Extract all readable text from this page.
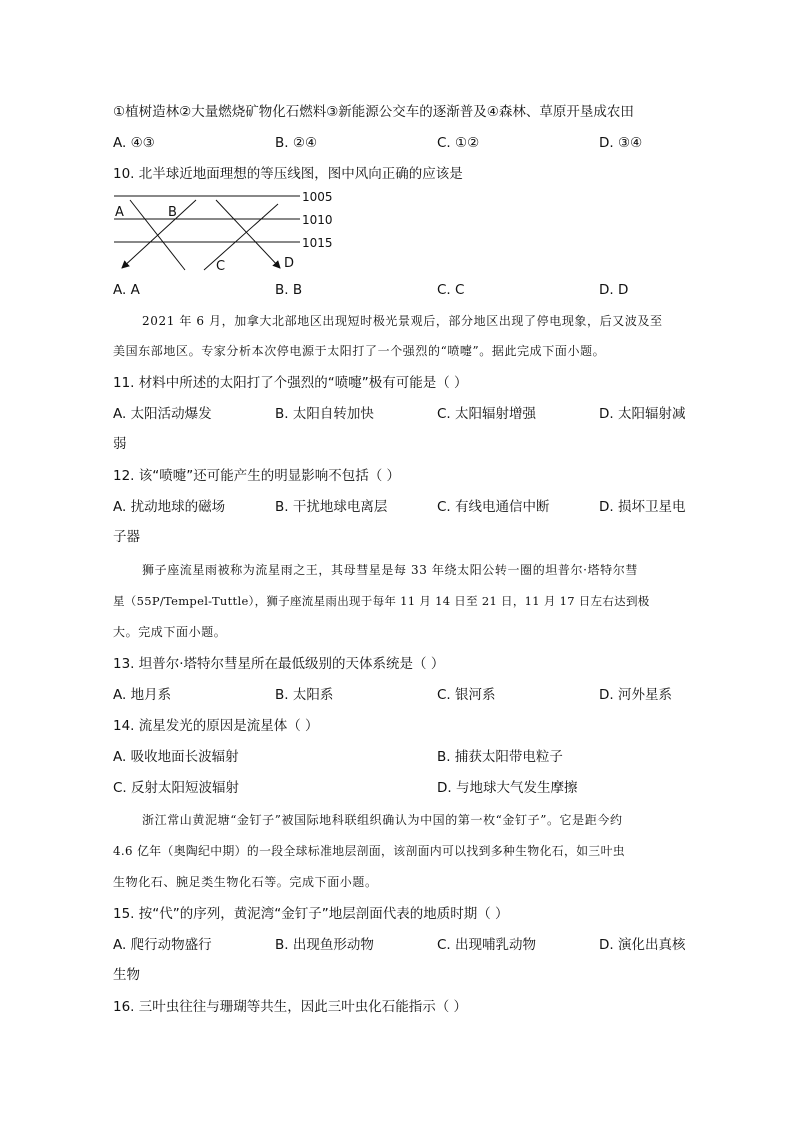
①植树造林②大量燃烧矿物化石燃料③新能源公交车的逐渐普及④森林、草原开垦成农田
A. ④③	B. ②④	C. ①②	D. ③④
10. 北半球近地面理想的等压线图，图中风向正确的应该是
1005
1010
1015
A	B
C	D
A. A	B. B	C. C	D. D
2021 年 6 月，加拿大北部地区出现短时极光景观后，部分地区出现了停电现象，后又波及至
美国东部地区。专家分析本次停电源于太阳打了一个强烈的“喷嚏”。据此完成下面小题。
11. 材料中所述的太阳打了个强烈的“喷嚏”极有可能是（ ）
A. 太阳活动爆发	B. 太阳自转加快	C. 太阳辐射增强	D. 太阳辐射减
弱
12. 该“喷嚏”还可能产生的明显影响不包括（ ）
A. 扰动地球的磁场	B. 干扰地球电离层	C. 有线电通信中断	D. 损坏卫星电
子器
狮子座流星雨被称为流星雨之王，其母彗星是每 33 年绕太阳公转一圈的坦普尔·塔特尔彗
星（55P/Tempel-Tuttle），狮子座流星雨出现于每年 11 月 14 日至 21 日，11 月 17 日左右达到极
大。完成下面小题。
13. 坦普尔·塔特尔彗星所在最低级别的天体系统是（ ）
A. 地月系	B. 太阳系	C. 银河系	D. 河外星系
14. 流星发光的原因是流星体（ ）
A. 吸收地面长波辐射	B. 捕获太阳带电粒子
C. 反射太阳短波辐射	D. 与地球大气发生摩擦
浙江常山黄泥塘“金钉子”被国际地科联组织确认为中国的第一枚“金钉子”。它是距今约
4.6 亿年（奥陶纪中期）的一段全球标准地层剖面，该剖面内可以找到多种生物化石，如三叶虫
生物化石、腕足类生物化石等。完成下面小题。
15. 按“代”的序列，黄泥湾“金钉子”地层剖面代表的地质时期（ ）
A. 爬行动物盛行	B. 出现鱼形动物	C. 出现哺乳动物	D. 演化出真核
生物
16. 三叶虫往往与珊瑚等共生，因此三叶虫化石能指示（ ）
